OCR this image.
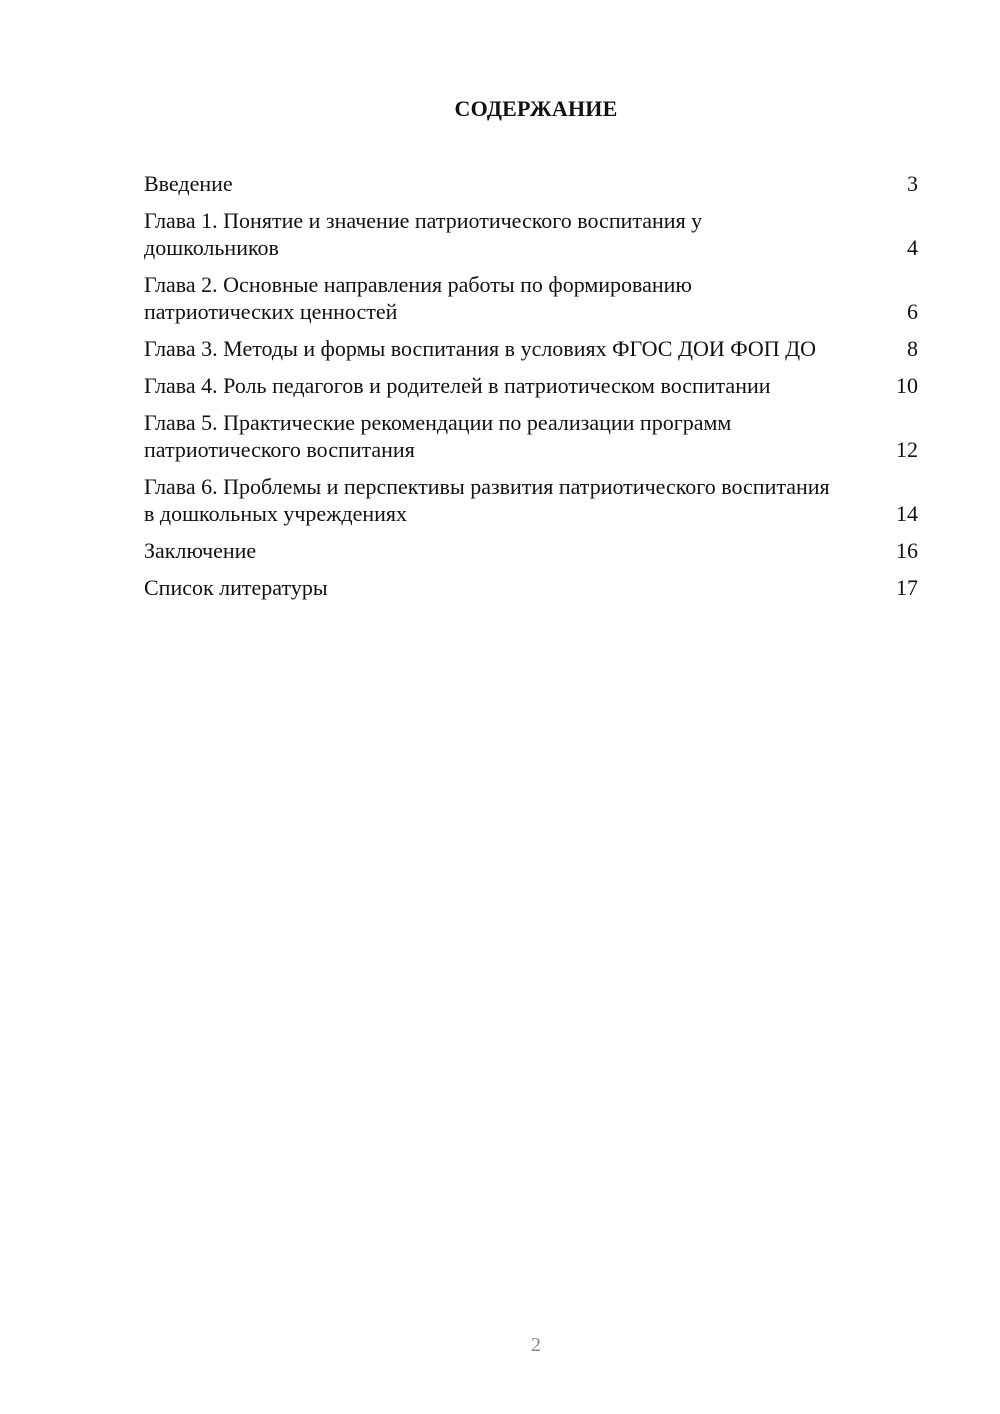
СОДЕРЖАНИЕ
Введение	3
Глава 1. Понятие и значение патриотического воспитания у дошкольников	4
Глава 2. Основные направления работы по формированию патриотических ценностей	6
Глава 3. Методы и формы воспитания в условиях ФГОС ДОИ ФОП ДО	8
Глава 4. Роль педагогов и родителей в патриотическом воспитании	10
Глава 5. Практические рекомендации по реализации программ патриотического воспитания	12
Глава 6. Проблемы и перспективы развития патриотического воспитания в дошкольных учреждениях	14
Заключение	16
Список литературы	17
2
